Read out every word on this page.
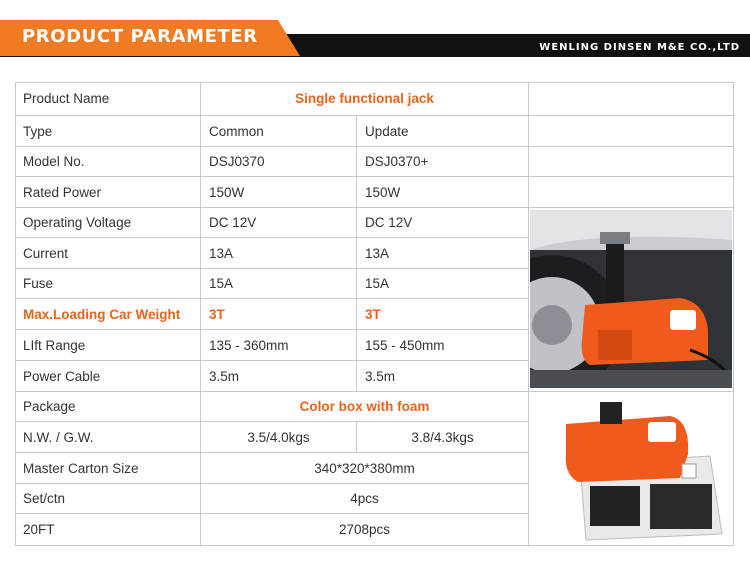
PRODUCT PARAMETER
WENLING DINSEN M&E CO.,LTD
Product Name	Single functional jack
Type	Common	Update
Model No.	DSJ0370	DSJ0370+
Rated Power	150W	150W
Operating Voltage	DC 12V	DC 12V
Current	13A	13A
Fuse	15A	15A
Max.Loading Car Weight	3T	3T
LIft Range	135 - 360mm	155 - 450mm
Power Cable	3.5m	3.5m
Package	Color box with foam
N.W. / G.W.	3.5/4.0kgs	3.8/4.3kgs
Master Carton Size	340*320*380mm
Set/ctn	4pcs
20FT	2708pcs
